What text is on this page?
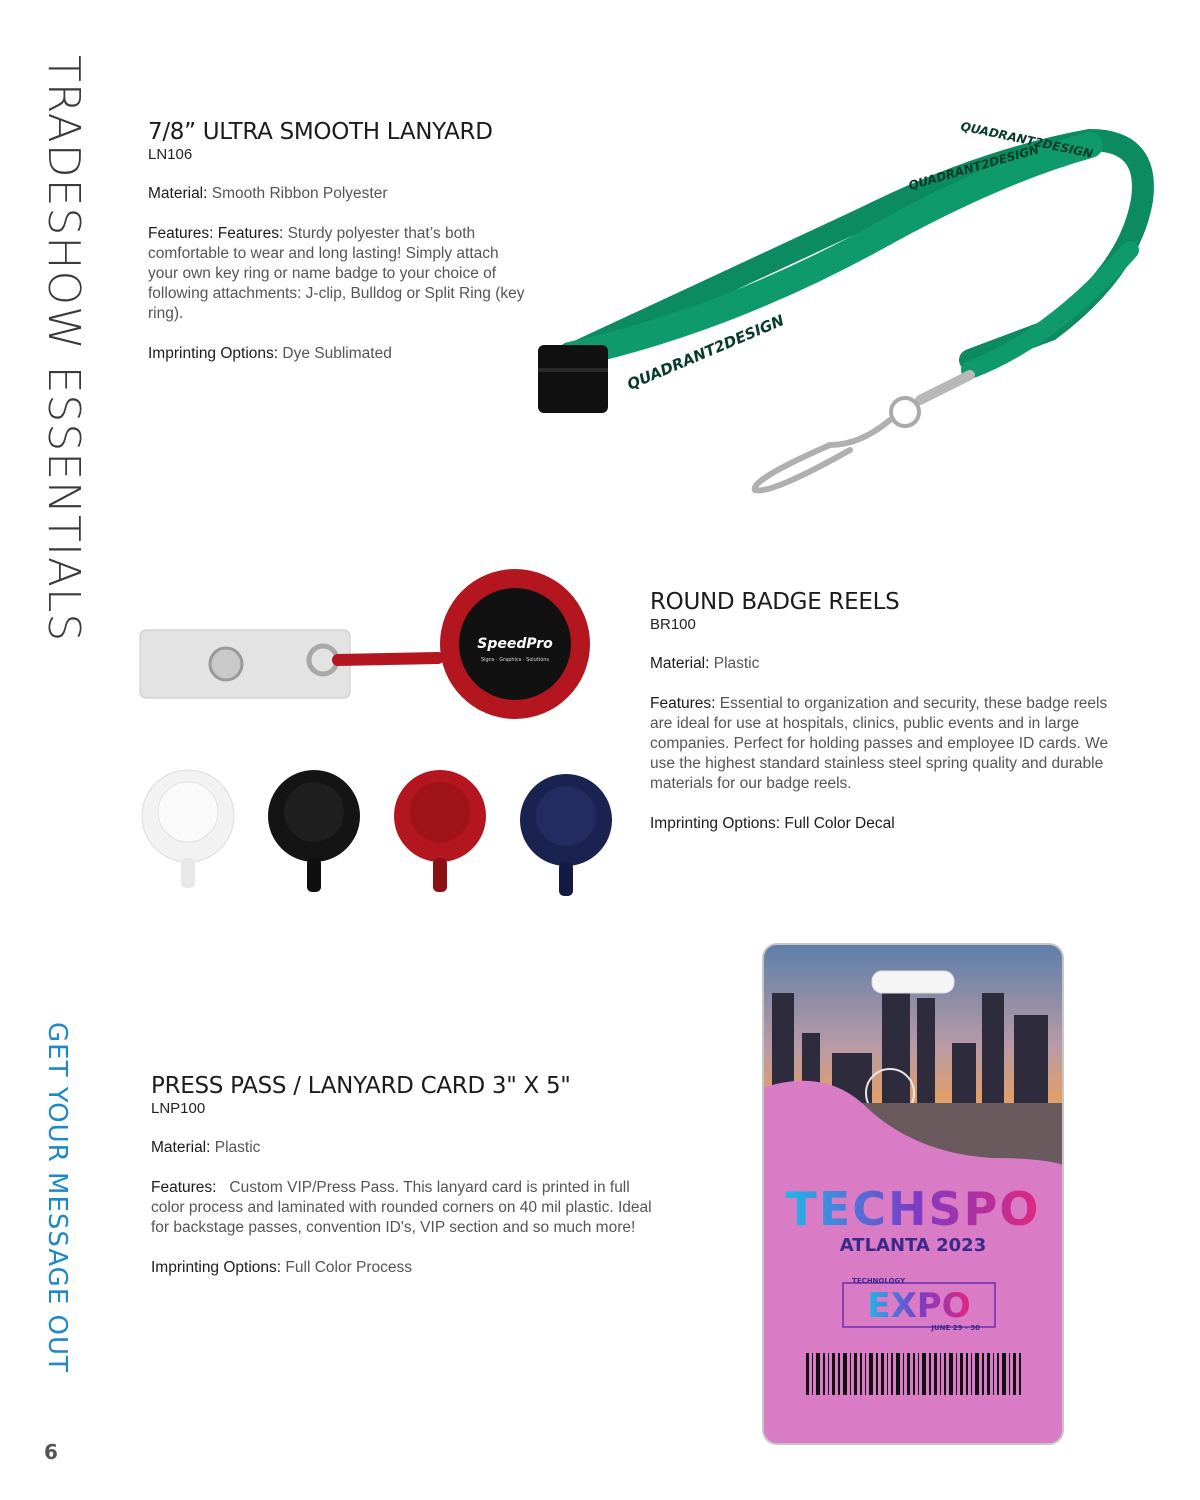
TRADESHOW ESSENTIALS
GET YOUR MESSAGE OUT
6
7/8” ULTRA SMOOTH LANYARD
LN106

Material: Smooth Ribbon Polyester

Features: Features: Sturdy polyester that’s both comfortable to wear and long lasting! Simply attach your own key ring or name badge to your choice of following attachments: J-clip, Bulldog or Split Ring (key ring).

Imprinting Options: Dye Sublimated	QUADRANT2DESIGN
QUADRANT2DESIGN
QUADRANT2DESIGN
SpeedPro
Signs · Graphics · Solutions
ROUND BADGE REELS
BR100

Material: Plastic

Features: Essential to organization and security, these badge reels are ideal for use at hospitals, clinics, public events and in large companies. Perfect for holding passes and employee ID cards. We use the highest standard stainless steel spring quality and durable materials for our badge reels.

Imprinting Options: Full Color Decal

PRESS PASS / LANYARD CARD 3" X 5"
LNP100

Material: Plastic

Features: Custom VIP/Press Pass. This lanyard card is printed in full color process and laminated with rounded corners on 40 mil plastic. Ideal for backstage passes, convention ID's, VIP section and so much more!

Imprinting Options: Full Color Process

TECHSPO
ATLANTA 2023
TECHNOLOGY
EXPO
JUNE 29 - 30
